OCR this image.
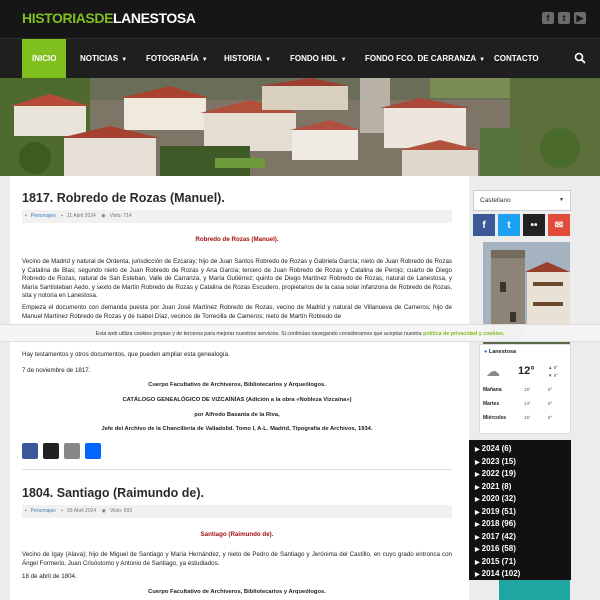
HISTORIASDELANESTOSA	f	t	▶
INICIO	NOTICIAS ▼	FOTOGRAFÍA ▼	HISTORIA ▼	FONDO HDL ▼	FONDO FCO. DE CARRANZA ▼	CONTACTO
1817. Robredo de Rozas (Manuel).
▪ Personajes ▪ 11 Abril 2024 ◉ Visto: 714
Robredo de Rozas (Manuel).
Vecino de Madrid y natural de Ordenta, jurisdicción de Ezcaray; hijo de Juan Santos Robredo de Rozas y Gabriela García; nieto de Juan Robredo de Rozas y Catalina de Blas; segundo nieto de Juan Robredo de Rozas y Ana García; tercero de Juan Robredo de Rozas y Catalina de Perojo; cuarto de Diego Robredo de Rozas, natural de San Esteban, Valle de Carranza, y María Gutiérrez; quinto de Diego Martínez Robredo de Rozas, natural de Lanestosa, y María Santisteban Aedo, y sexto de Martín Robredo de Rozas y Catalina de Rozas Escudero, propietarios de la casa solar infanzona de Robredo de Rozas, sita y notoria en Lanestosa.
Empieza el documento con demanda puesta por Juan José Martínez Robredo de Rozas, vecino de Madrid y natural de Villanueva de Cameros; hijo de Manuel Martínez Robredo de Rozas y de Isabel Díaz, vecinos de Torrecilla de Cameros; nieto de Martín Robredo de
Hay testamentos y otros documentos, que pueden ampliar esta genealogía.
7 de noviembre de 1817.
Cuerpo Facultativo de Archiveros, Bibliotecarios y Arqueólogos.
CATÁLOGO GENEALÓGICO DE VIZCAÍNÍAS (Adición a la obra «Nobleza Vizcaína»)
por Alfredo Basanta de la Riva,
Jefe del Archivo de la Chancillería de Valladolid. Tomo I, A-L. Madrid, Tipografía de Archivos, 1934.
1804. Santiago (Raimundo de).
▪ Personajes ▪ 09 Abril 2024 ◉ Visto: 693
Santiago (Raimundo de).
Vecino de Igay (Alava); hijo de Miguel de Santiago y María Hernández, y nieto de Pedro de Santiago y Jerónima del Castillo, en cuyo grado entronca con Ángel Formerio, Juan Crisóstomo y Antonio de Santiago, ya estudiados.
18 de abril de 1804.
Cuerpo Facultativo de Archiveros, Bibliotecarios y Arqueólogos.
Castellano	▼
f	t	••	✉
● Lanestosa
☁ 12°	▲ 9°
▼ 9°
Mañana	15°	9°
Martes	14°	9°
Miércoles	15°	8°
▶ 2024 (6)
▶ 2023 (15)
▶ 2022 (19)
▶ 2021 (8)
▶ 2020 (32)
▶ 2019 (51)
▶ 2018 (96)
▶ 2017 (42)
▶ 2016 (58)
▶ 2015 (71)
▶ 2014 (102)
Esta web utiliza cookies propias y de terceros para mejorar nuestros servicios. Si continúas navegando consideramos que aceptas nuestra política de privacidad y cookies.
